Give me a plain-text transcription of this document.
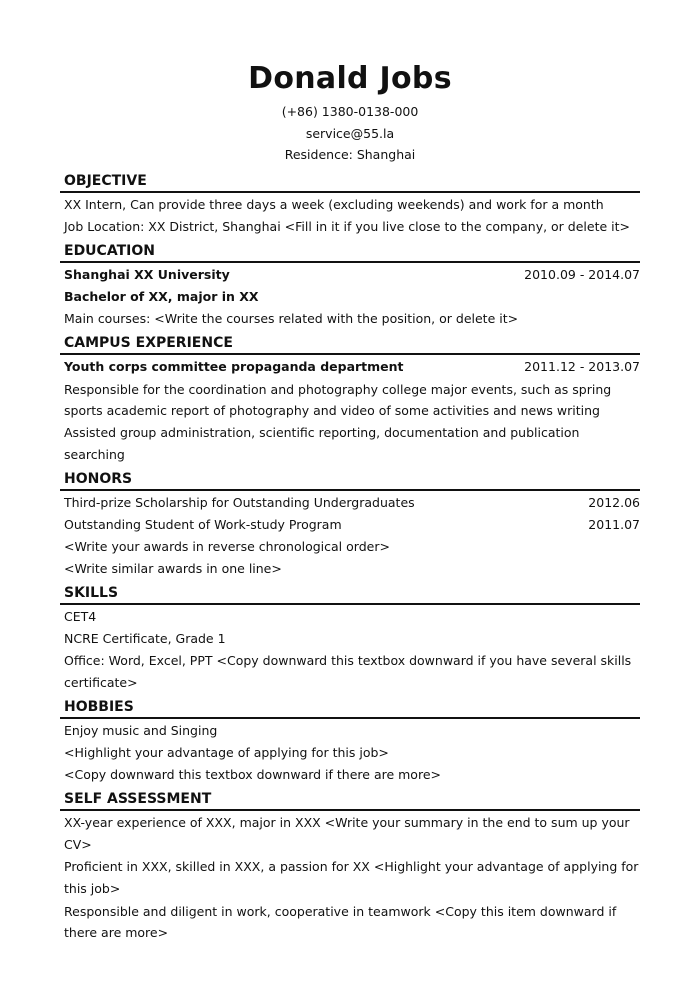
Donald Jobs
(+86) 1380-0138-000
service@55.la
Residence: Shanghai
OBJECTIVE
XX Intern, Can provide three days a week (excluding weekends) and work for a month
Job Location: XX District, Shanghai <Fill in it if you live close to the company, or delete it>
EDUCATION
Shanghai XX University	2010.09 - 2014.07
Bachelor of XX, major in XX
Main courses: <Write the courses related with the position, or delete it>
CAMPUS EXPERIENCE
Youth corps committee propaganda department	2011.12 - 2013.07
Responsible for the coordination and photography college major events, such as spring sports academic report of photography and video of some activities and news writing
Assisted group administration, scientific reporting, documentation and publication searching
HONORS
Third-prize Scholarship for Outstanding Undergraduates	2012.06
Outstanding Student of Work-study Program	2011.07
<Write your awards in reverse chronological order>
<Write similar awards in one line>
SKILLS
CET4
NCRE Certificate, Grade 1
Office: Word, Excel, PPT <Copy downward this textbox downward if you have several skills certificate>
HOBBIES
Enjoy music and Singing
<Highlight your advantage of applying for this job>
<Copy downward this textbox downward if there are more>
SELF ASSESSMENT
XX-year experience of XXX, major in XXX <Write your summary in the end to sum up your CV>
Proficient in XXX, skilled in XXX, a passion for XX <Highlight your advantage of applying for this job>
Responsible and diligent in work, cooperative in teamwork <Copy this item downward if there are more>
